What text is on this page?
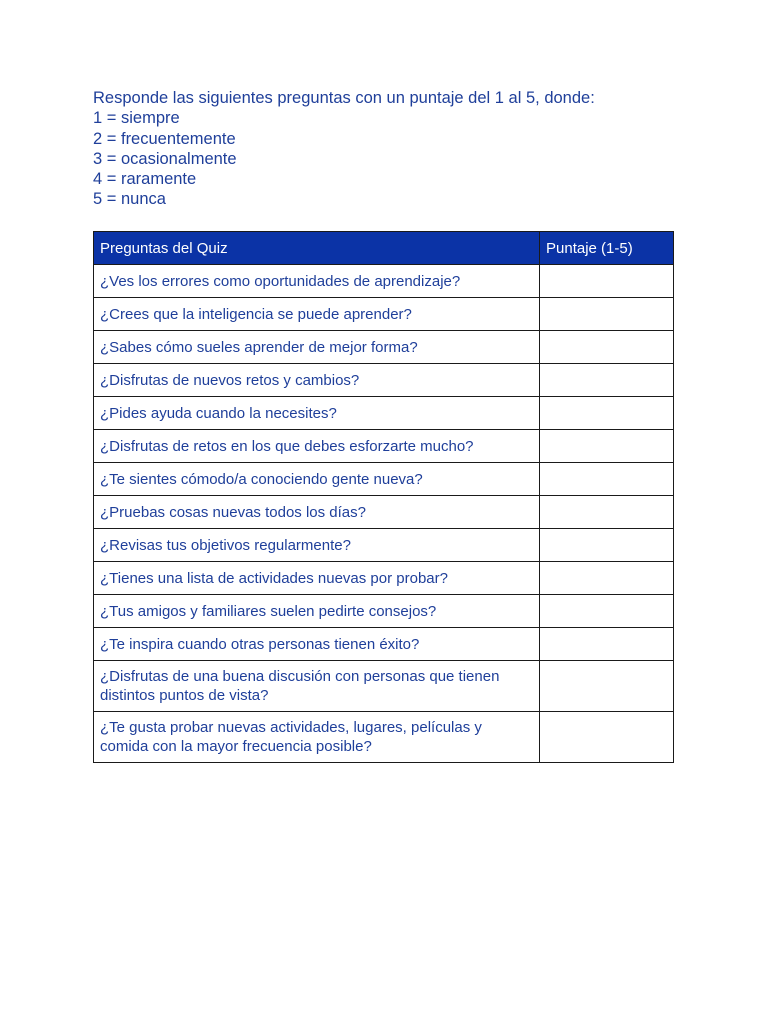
Responde las siguientes preguntas con un puntaje del 1 al 5, donde:
1 = siempre
2 = frecuentemente
3 = ocasionalmente
4 = raramente
5 = nunca
Preguntas del Quiz	Puntaje (1-5)
¿Ves los errores como oportunidades de aprendizaje?	
¿Crees que la inteligencia se puede aprender?	
¿Sabes cómo sueles aprender de mejor forma?	
¿Disfrutas de nuevos retos y cambios?	
¿Pides ayuda cuando la necesites?	
¿Disfrutas de retos en los que debes esforzarte mucho?	
¿Te sientes cómodo/a conociendo gente nueva?	
¿Pruebas cosas nuevas todos los días?	
¿Revisas tus objetivos regularmente?	
¿Tienes una lista de actividades nuevas por probar?	
¿Tus amigos y familiares suelen pedirte consejos?	
¿Te inspira cuando otras personas tienen éxito?	
¿Disfrutas de una buena discusión con personas que tienen distintos puntos de vista?	
¿Te gusta probar nuevas actividades, lugares, películas y comida con la mayor frecuencia posible?	
